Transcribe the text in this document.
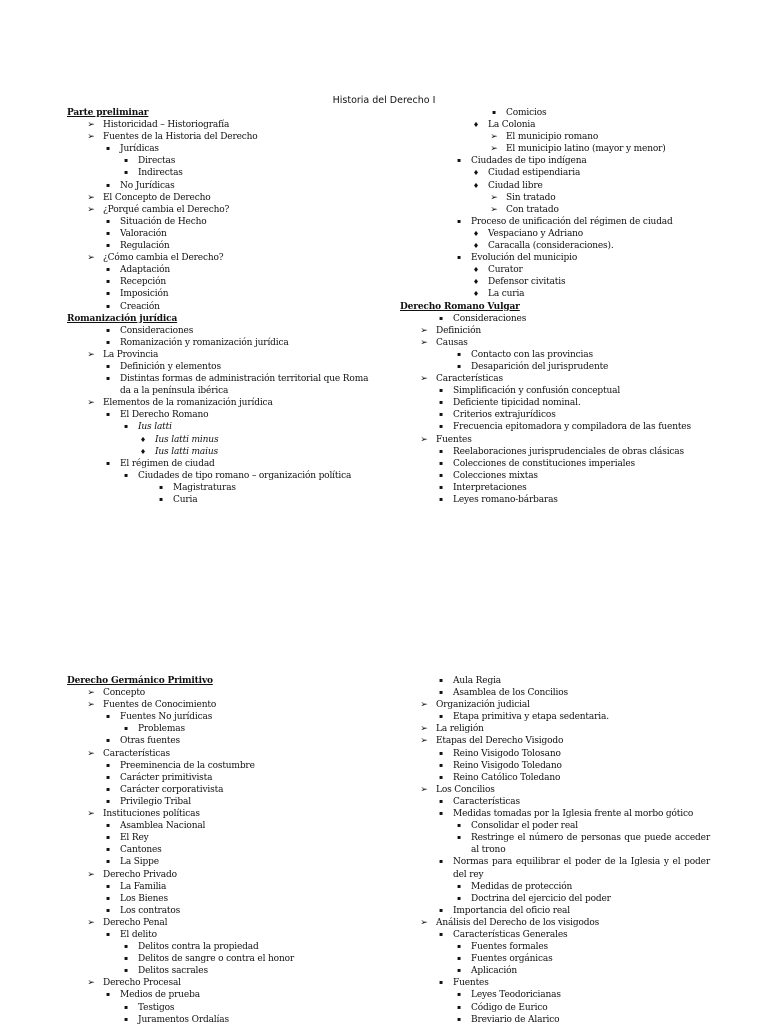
Historia del Derecho I
Parte preliminar
➢ Historicidad – Historiografía
➢ Fuentes de la Historia del Derecho
▪	Jurídicas
▪	Directas
▪	Indirectas
▪	No Jurídicas
➢ El Concepto de Derecho
➢ ¿Porqué cambia el Derecho?
▪	Situación de Hecho
▪	Valoración
▪	Regulación
➢ ¿Cómo cambia el Derecho?
▪	Adaptación
▪	Recepción
▪	Imposición
▪	Creación
Romanización jurídica
▪	Consideraciones
▪	Romanización y romanización jurídica
➢ La Provincia
▪	Definición y elementos
▪	Distintas formas de administración territorial que Roma da a la península ibérica
➢ Elementos de la romanización jurídica
▪	El Derecho Romano
▪	Ius latti
♦ Ius latti minus
♦ Ius latti maius
▪	El régimen de ciudad
▪	Ciudades de tipo romano – organización política
▪	Magistraturas
▪	Curia
▪	Comicios
♦ La Colonia
➢ El municipio romano
➢ El municipio latino (mayor y menor)
▪	Ciudades de tipo indígena
♦ Ciudad estipendiaria
♦ Ciudad libre
➢ Sin tratado
➢ Con tratado
▪	Proceso de unificación del régimen de ciudad
♦ Vespaciano y Adriano
♦ Caracalla (consideraciones).
▪	Evolución del municipio
♦ Curator
♦ Defensor civitatis
♦ La curia
Derecho Romano Vulgar
▪	Consideraciones
➢ Definición
➢ Causas
▪	Contacto con las provincias
▪	Desaparición del jurisprudente
➢ Características
▪	Simplificación y confusión conceptual
▪	Deficiente tipicidad nominal.
▪	Criterios extrajurídicos
▪	Frecuencia epitomadora y compiladora de las fuentes
➢ Fuentes
▪	Reelaboraciones jurisprudenciales de obras clásicas
▪	Colecciones de constituciones imperiales
▪	Colecciones mixtas
▪	Interpretaciones
▪	Leyes romano-bárbaras
Derecho Germánico Primitivo
➢ Concepto
➢ Fuentes de Conocimiento
▪	Fuentes No jurídicas
▪	Problemas
▪	Otras fuentes
➢ Características
▪	Preeminencia de la costumbre
▪	Carácter primitivista
▪	Carácter corporativista
▪	Privilegio Tribal
➢ Instituciones políticas
▪	Asamblea Nacional
▪	El Rey
▪	Cantones
▪	La Sippe
➢ Derecho Privado
▪	La Familia
▪	Los Bienes
▪	Los contratos
➢ Derecho Penal
▪	El delito
▪	Delitos contra la propiedad
▪	Delitos de sangre o contra el honor
▪	Delitos sacrales
➢ Derecho Procesal
▪	Medios de prueba
▪	Testigos
▪	Juramentos Ordalías
▪	Aula Regia
▪	Asamblea de los Concilios
➢ Organización judicial
▪	Etapa primitiva y etapa sedentaria.
➢ La religión
➢ Etapas del Derecho Visigodo
▪	Reino Visigodo Tolosano
▪	Reino Visigodo Toledano
▪	Reino Católico Toledano
➢ Los Concilios
▪	Características
▪	Medidas tomadas por la Iglesia frente al morbo gótico
▪	Consolidar el poder real
▪	Restringe el número de personas que puede acceder al trono
▪	Normas para equilibrar el poder de la Iglesia y el poder del rey
▪	Medidas de protección
▪	Doctrina del ejercicio del poder
▪	Importancia del oficio real
➢ Análisis del Derecho de los visigodos
▪	Características Generales
▪	Fuentes formales
▪	Fuentes orgánicas
▪	Aplicación
▪	Fuentes
▪	Leyes Teodoricianas
▪	Código de Eurico
▪	Breviario de Alarico
